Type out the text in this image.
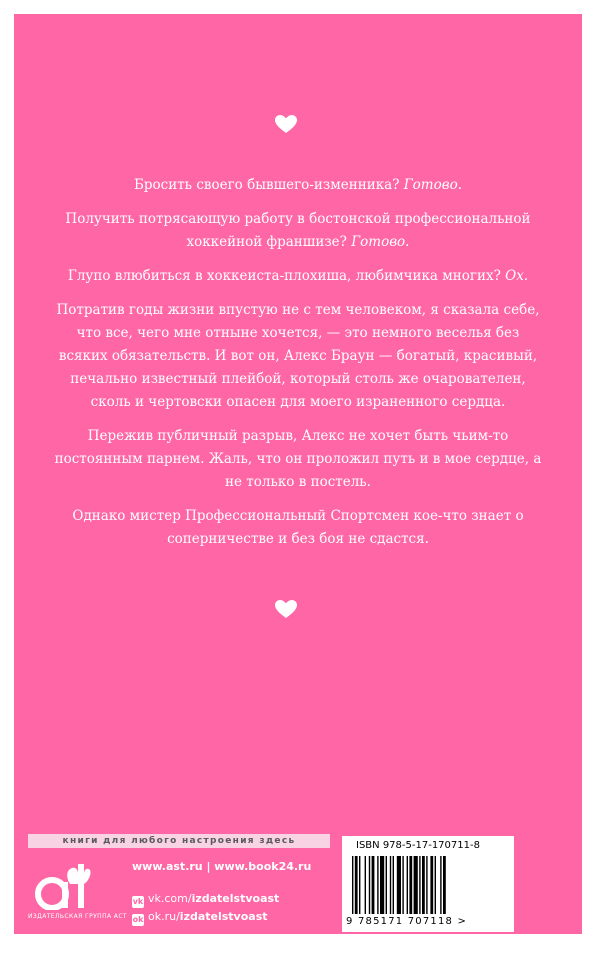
Бросить своего бывшего-изменника? Готово.

Получить потрясающую работу в бостонской профессиональной хоккейной франшизе? Готово.

Глупо влюбиться в хоккеиста-плохиша, любимчика многих? Ох.

Потратив годы жизни впустую не с тем человеком, я сказала себе, что все, чего мне отныне хочется, — это немного веселья без всяких обязательств. И вот он, Алекс Браун — богатый, красивый, печально известный плейбой, который столь же очарователен, сколь и чертовски опасен для моего израненного сердца.

Пережив публичный разрыв, Алекс не хочет быть чьим-то постоянным парнем. Жаль, что он проложил путь и в мое сердце, а не только в постель.

Однако мистер Профессиональный Спортсмен кое-что знает о соперничестве и без боя не сдастся.

книги для любого настроения здесь
ИЗДАТЕЛЬСКАЯ ГРУППА АСТ
www.ast.ru | www.book24.ru
vk vk.com/izdatelstvoast
ok ok.ru/izdatelstvoast
ISBN 978-5-17-170711-8
9 785171 707118 >
